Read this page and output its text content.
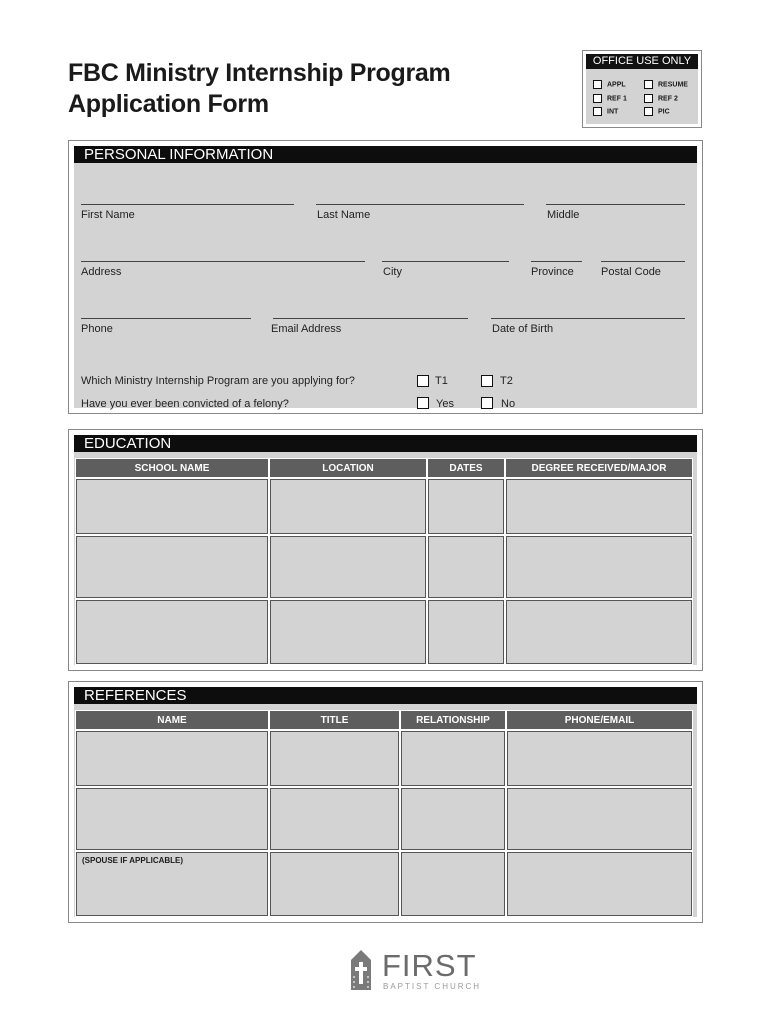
FBC Ministry Internship Program
Application Form
OFFICE USE ONLY
APPL	RESUME
REF 1	REF 2
INT	PIC
PERSONAL INFORMATION
First Name	Last Name	Middle
Address	City	Province Postal Code
Phone	Email Address	Date of Birth
Which Ministry Internship Program are you applying for?	T1	T2
Have you ever been convicted of a felony?	Yes	No
EDUCATION
SCHOOL NAME	LOCATION	DATES	DEGREE RECEIVED/MAJOR
REFERENCES
NAME	TITLE	RELATIONSHIP	PHONE/EMAIL
(SPOUSE IF APPLICABLE)
FIRST
BAPTIST CHURCH
